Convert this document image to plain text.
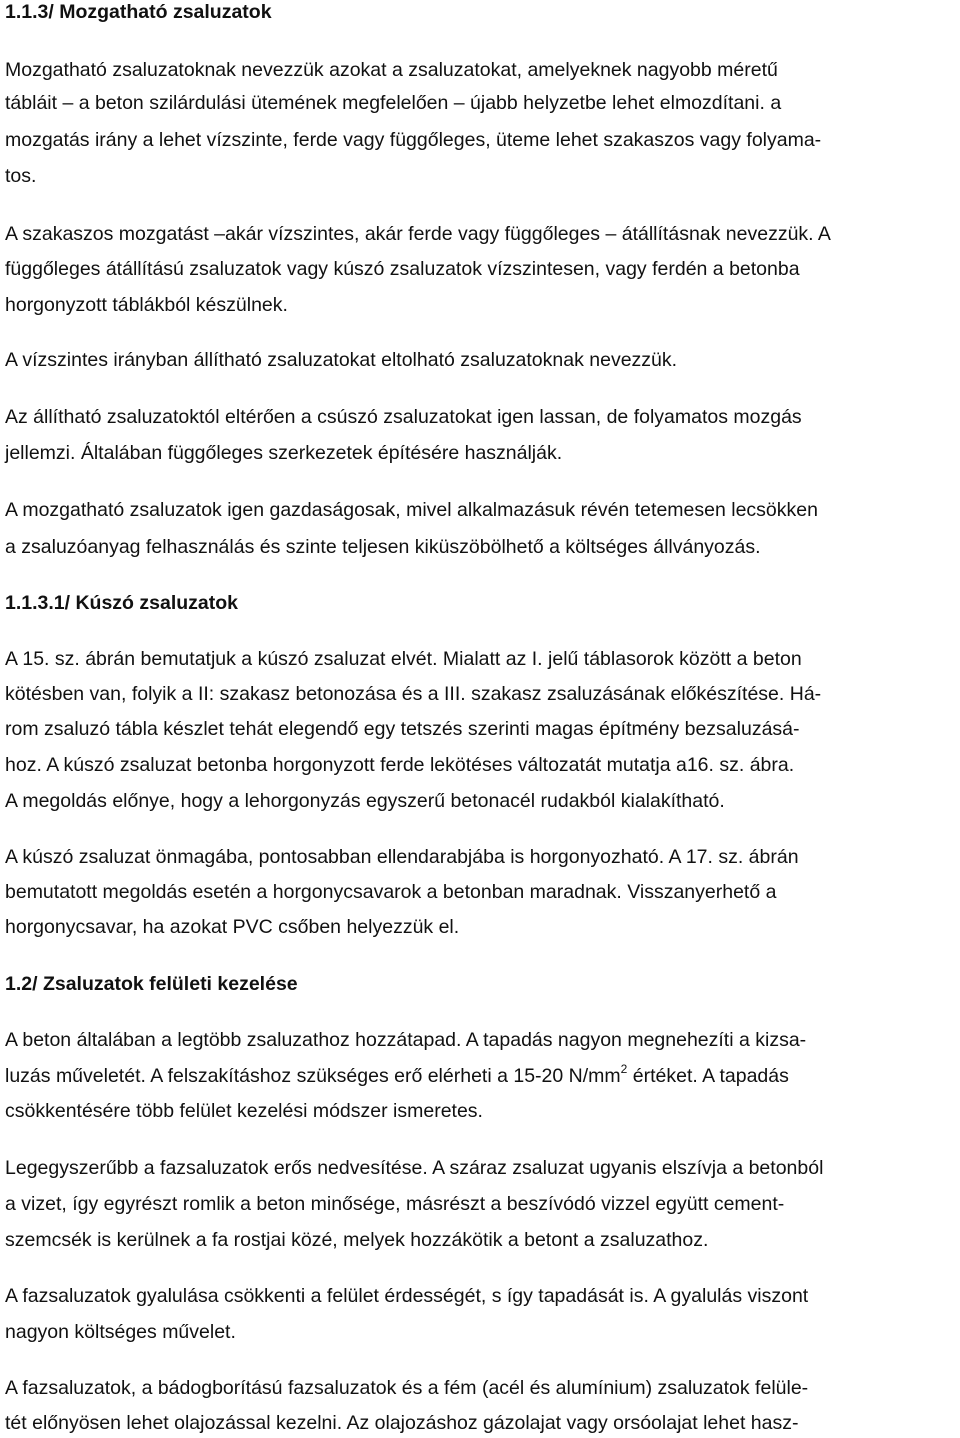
1.1.3/ Mozgatható zsaluzatok
Mozgatható zsaluzatoknak nevezzük azokat a zsaluzatokat, amelyeknek nagyobb méretű
tábláit – a beton szilárdulási ütemének megfelelően – újabb helyzetbe lehet elmozdítani. a
mozgatás irány a lehet vízszinte, ferde vagy függőleges, üteme lehet szakaszos vagy folyama-
tos.
A szakaszos mozgatást –akár vízszintes, akár ferde vagy függőleges – átállításnak nevezzük. A
függőleges átállítású zsaluzatok vagy kúszó zsaluzatok vízszintesen, vagy ferdén a betonba
horgonyzott táblákból készülnek.
A vízszintes irányban állítható zsaluzatokat eltolható zsaluzatoknak nevezzük.
Az állítható zsaluzatoktól eltérően a csúszó zsaluzatokat igen lassan, de folyamatos mozgás
jellemzi. Általában függőleges szerkezetek építésére használják.
A mozgatható zsaluzatok igen gazdaságosak, mivel alkalmazásuk révén tetemesen lecsökken
a zsaluzóanyag felhasználás és szinte teljesen kiküszöbölhető a költséges állványozás.
1.1.3.1/ Kúszó zsaluzatok
A 15. sz. ábrán bemutatjuk a kúszó zsaluzat elvét. Mialatt az I. jelű táblasorok között a beton
kötésben van, folyik a II: szakasz betonozása és a III. szakasz zsaluzásának előkészítése. Há-
rom zsaluzó tábla készlet tehát elegendő egy tetszés szerinti magas építmény bezsaluzásá-
hoz. A kúszó zsaluzat betonba horgonyzott ferde lekötéses változatát mutatja a16. sz. ábra.
A megoldás előnye, hogy a lehorgonyzás egyszerű betonacél rudakból kialakítható.
A kúszó zsaluzat önmagába, pontosabban ellendarabjába is horgonyozható. A 17. sz. ábrán
bemutatott megoldás esetén a horgonycsavarok a betonban maradnak. Visszanyerhető a
horgonycsavar, ha azokat PVC csőben helyezzük el.
1.2/ Zsaluzatok felületi kezelése
A beton általában a legtöbb zsaluzathoz hozzátapad. A tapadás nagyon megnehezíti a kizsa-
luzás műveletét. A felszakításhoz szükséges erő elérheti a 15-20 $N/mm^2$ értéket. A tapadás
csökkentésére több felület kezelési módszer ismeretes.
Legegyszerűbb a fazsaluzatok erős nedvesítése. A száraz zsaluzat ugyanis elszívja a betonból
a vizet, így egyrészt romlik a beton minősége, másrészt a beszívódó vizzel együtt cement-
szemcsék is kerülnek a fa rostjai közé, melyek hozzákötik a betont a zsaluzathoz.
A fazsaluzatok gyalulása csökkenti a felület érdességét, s így tapadását is. A gyalulás viszont
nagyon költséges művelet.
A fazsaluzatok, a bádogborítású fazsaluzatok és a fém (acél és alumínium) zsaluzatok felülе-
tét előnyösen lehet olajozással kezelni. Az olajozáshoz gázolajat vagy orsóolajat lehet hasz-
